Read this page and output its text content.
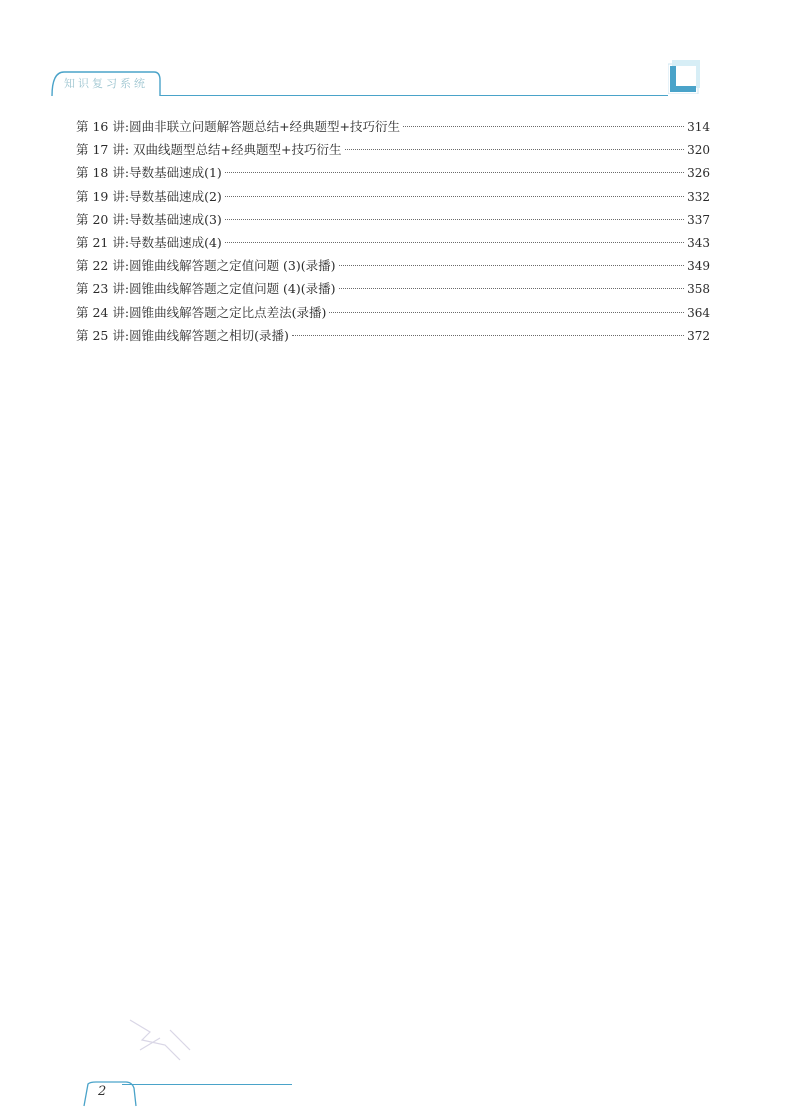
知识复习系统
第 16 讲:圆曲非联立问题解答题总结+经典题型+技巧衍生	314
第 17 讲: 双曲线题型总结+经典题型+技巧衍生	320
第 18 讲:导数基础速成(1)	326
第 19 讲:导数基础速成(2)	332
第 20 讲:导数基础速成(3)	337
第 21 讲:导数基础速成(4)	343
第 22 讲:圆锥曲线解答题之定值问题 (3)(录播)	349
第 23 讲:圆锥曲线解答题之定值问题 (4)(录播)	358
第 24 讲:圆锥曲线解答题之定比点差法(录播)	364
第 25 讲:圆锥曲线解答题之相切(录播)	372
2
